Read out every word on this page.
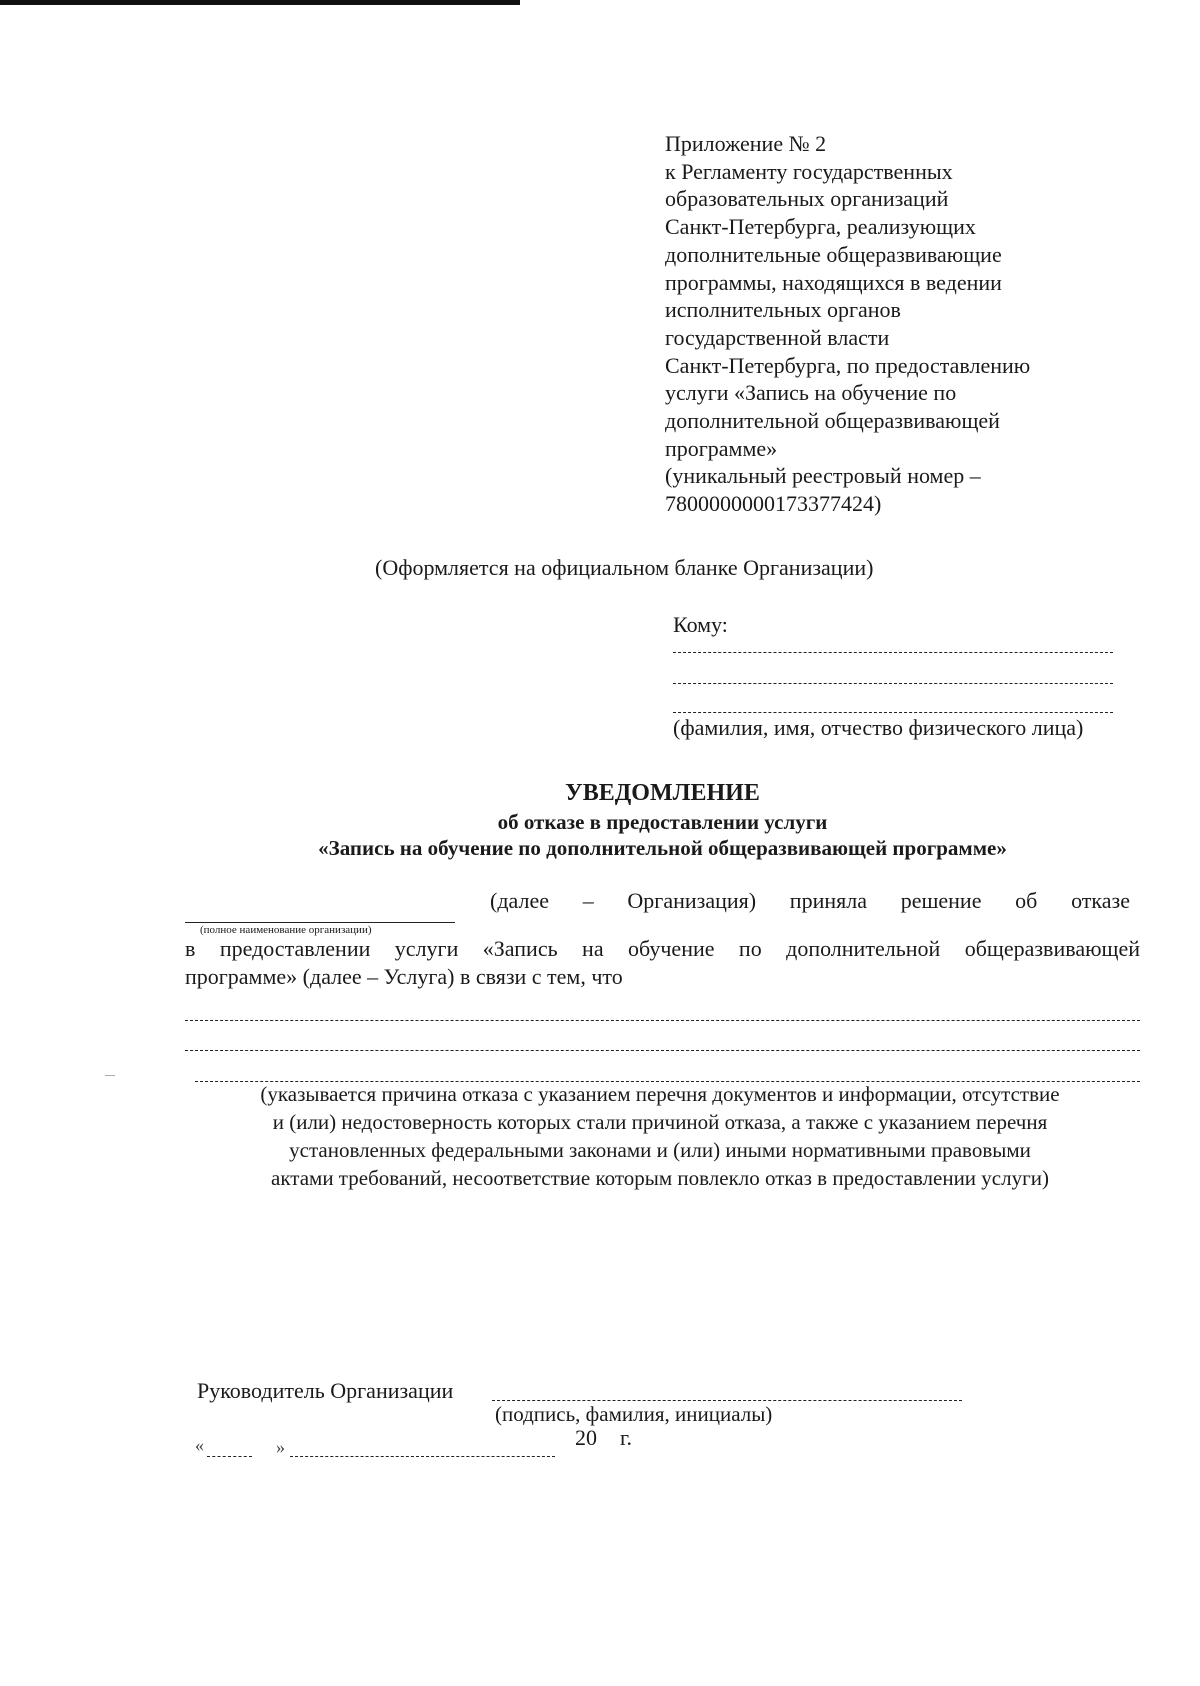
Приложение № 2
к Регламенту государственных
образовательных организаций
Санкт-Петербурга, реализующих
дополнительные общеразвивающие
программы, находящихся в ведении
исполнительных органов
государственной власти
Санкт-Петербурга, по предоставлению
услуги «Запись на обучение по
дополнительной общеразвивающей
программе»
(уникальный реестровый номер –
7800000000173377424)
(Оформляется на официальном бланке Организации)
Кому:
(фамилия, имя, отчество физического лица)
УВЕДОМЛЕНИЕ
об отказе в предоставлении услуги
«Запись на обучение по дополнительной общеразвивающей программе»
(полное наименование организации)
(далее – Организация) приняла решение об отказе
в предоставлении услуги «Запись на обучение по дополнительной общеразвивающей
программе» (далее – Услуга) в связи с тем, что
(указывается причина отказа с указанием перечня документов и информации, отсутствие
и (или) недостоверность которых стали причиной отказа, а также с указанием перечня
установленных федеральными законами и (или) иными нормативными правовыми
актами требований, несоответствие которым повлекло отказ в предоставлении услуги)
Руководитель Организации
(подпись, фамилия, инициалы)
«	»	20 г.
